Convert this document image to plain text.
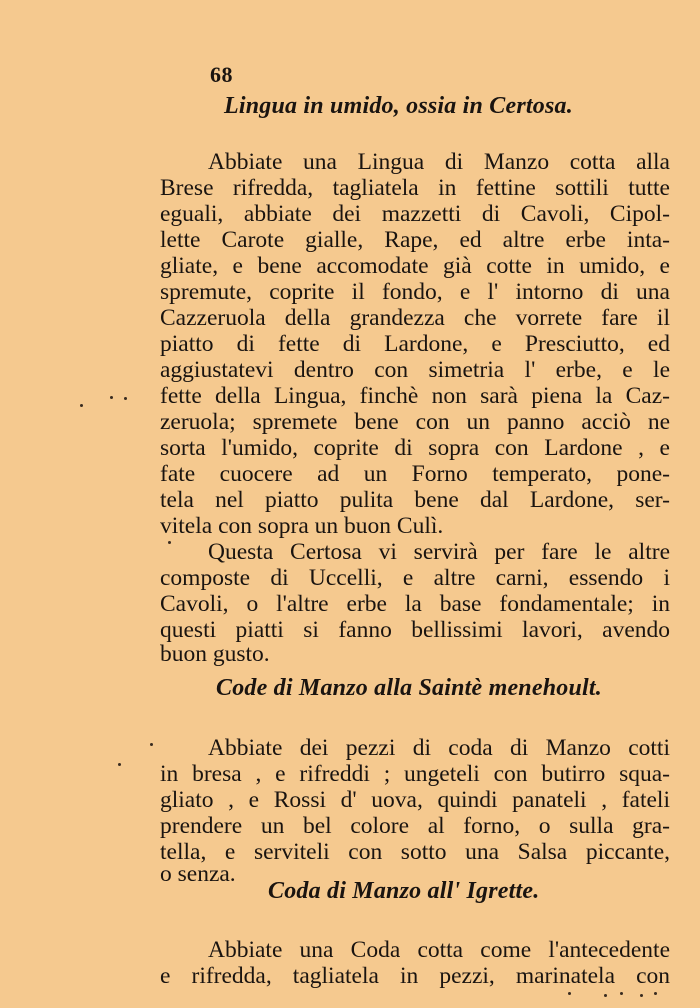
68
Lingua in umido, ossia in Certosa.
Abbiate una Lingua di Manzo cotta alla
Brese rifredda, tagliatela in fettine sottili tutte
eguali, abbiate dei mazzetti di Cavoli, Cipol-
lette Carote gialle, Rape, ed altre erbe inta-
gliate, e bene accomodate già cotte in umido, e
spremute, coprite il fondo, e l' intorno di una
Cazzeruola della grandezza che vorrete fare il
piatto di fette di Lardone, e Presciutto, ed
aggiustatevi dentro con simetria l' erbe, e le
fette della Lingua, finchè non sarà piena la Caz-
zeruola; spremete bene con un panno acciò ne
sorta l'umido, coprite di sopra con Lardone , e
fate cuocere ad un Forno temperato, pone-
tela nel piatto pulita bene dal Lardone, ser-
vitela con sopra un buon Culì.
Questa Certosa vi servirà per fare le altre
composte di Uccelli, e altre carni, essendo i
Cavoli, o l'altre erbe la base fondamentale; in
questi piatti si fanno bellissimi lavori, avendo
buon gusto.
Code di Manzo alla Saintè menehoult.
Abbiate dei pezzi di coda di Manzo cotti
in bresa , e rifreddi ; ungeteli con butirro squa-
gliato , e Rossi d' uova, quindi panateli , fateli
prendere un bel colore al forno, o sulla gra-
tella, e serviteli con sotto una Salsa piccante,
o senza.
Coda di Manzo all' Igrette.
Abbiate una Coda cotta come l'antecedente
e rifredda, tagliatela in pezzi, marinatela con
